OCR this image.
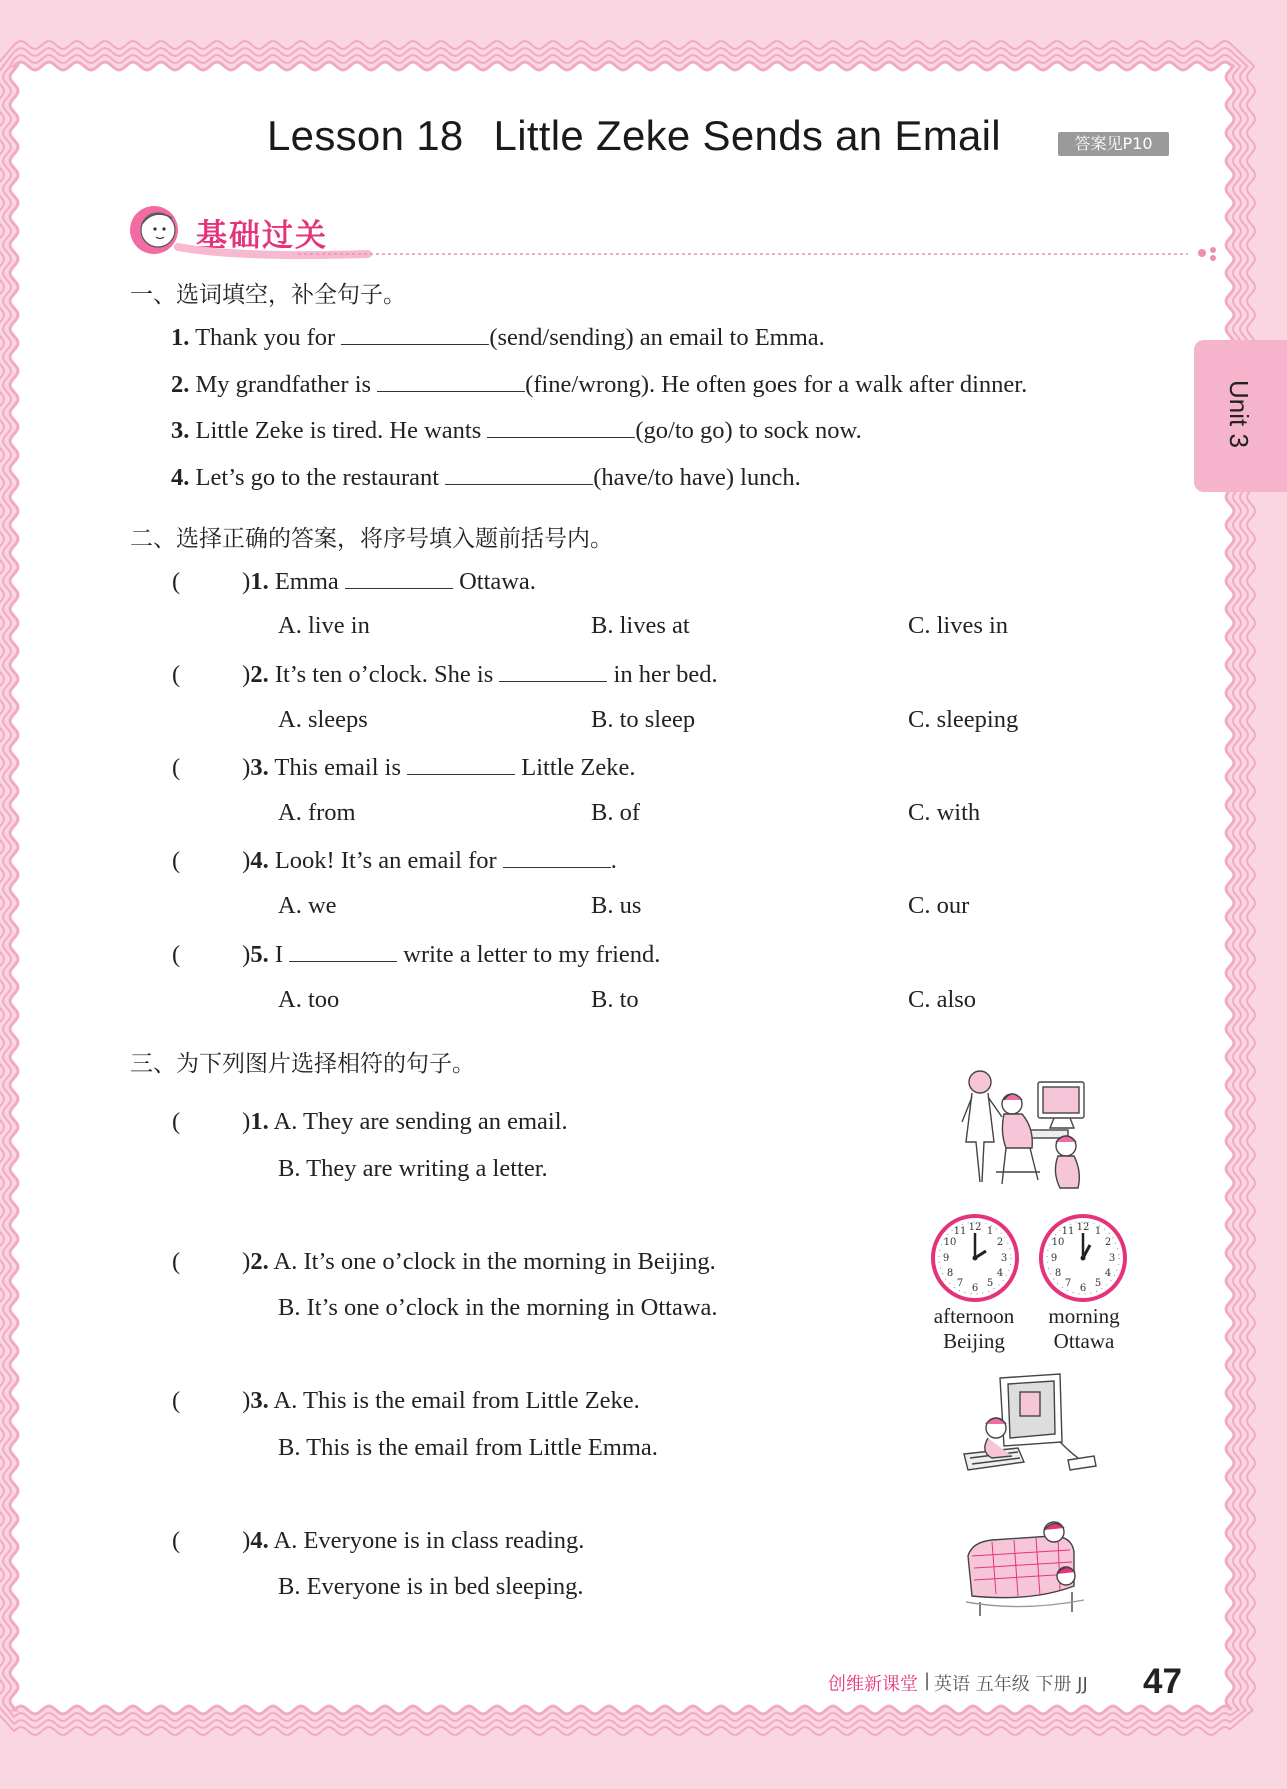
Lesson 18 Little Zeke Sends an Email	答案见P10
基础过关
Unit 3
一、选词填空，补全句子。
1. Thank you for	(send/sending) an email to Emma.
2. My grandfather is	(fine/wrong). He often goes for a walk after dinner.
3. Little Zeke is tired. He wants	(go/to go) to sock now.
4. Let’s go to the restaurant	(have/to have) lunch.
二、选择正确的答案，将序号填入题前括号内。
(	)1. Emma	Ottawa.
A. live in	B. lives at	C. lives in
(	)2. It’s ten o’clock. She is	in her bed.
A. sleeps	B. to sleep	C. sleeping
(	)3. This email is	Little Zeke.
A. from	B. of	C. with
(	)4. Look! It’s an email for	.
A. we	B. us	C. our
(	)5. I	write a letter to my friend.
A. too	B. to	C. also
三、为下列图片选择相符的句子。
(	)1. A. They are sending an email.
B. They are writing a letter.
(	)2. A. It’s one o’clock in the morning in Beijing.
B. It’s one o’clock in the morning in Ottawa.
(	)3. A. This is the email from Little Zeke.
B. This is the email from Little Emma.
(	)4. A. Everyone is in class reading.
B. Everyone is in bed sleeping.
12 1
2
3
4
5
6
7
8
9
10
11	12 1
2
3
4
5
6
7
8
9
10
11
afternoon
Beijing
morning
Ottawa
创维新课堂 | 英语 五年级 下册 JJ 47
